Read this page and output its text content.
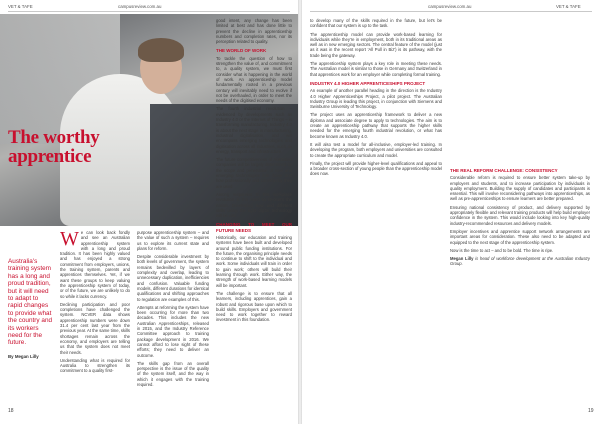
VET & TAFE	campusreview.com.au
The worthy
apprentice
Australia's training system has a long and proud tradition, but it will need to adapt to rapid changes to provide what the country and its workers need for the future.
By Megan Lilly

We can look back fondly and see an Australian apprenticeship system with a long and proud tradition. It has been highly valued and has enjoyed a strong commitment from employers, unions, the training system, parents and apprentices themselves. Yet, if we want these groups to keep valuing the apprenticeship system of today, or of the future, we are unlikely to do so while it lacks currency.

Declining participation and poor completions have challenged the system. NCVER data shows apprenticeship numbers were down 31.4 per cent last year from the previous year. At the same time, skills shortages remain across the economy, and employers are telling us that the system does not meet their needs.

Understanding what is required for Australia to strengthen its commitment to a quality first-

purpose apprenticeship system – and the value of such a system – requires us to explore its current state and plans for reform.

Despite considerable investment by both levels of government, the system remains bedevilled by layers of complexity and overlap, leading to unnecessary duplication, inefficiencies and confusion. Valuable funding models, different durations for identical qualifications and shifting approaches to regulation are examples of this.

Attempts at reforming the system have been occurring for more than two decades. This includes the new Australian Apprenticeships, released in 2015, and the Industry Reference Committee approach to training package development in 2016. We cannot afford to lose sight of these efforts; they need to deliver an outcome.

The skills gap from an overall perspective is the issue of the quality of the system itself, and the way in which it engages with the training required.

good intent, any change has been limited at best and has done little to prevent the decline in apprenticeship numbers and completion rates, nor its perception related to quality.

THE WORLD OF WORK

To tackle the question of how to strengthen the value of, and commitment to, a quality system, we must first consider what is happening in the world of work. An apprenticeship model fundamentally rooted in a previous century will inevitably need to evolve if not be overhauled, in order to meet the needs of the digitised economy.

The fourth industrial revolution – evidenced by developments such as Industry 4.0 or the Internet of Things – is transforming manufacturing. Industry 4.0 is about the next stage in manufacturing, industrial digitalisation, and will encompass emerging technologies and digitisation across all industries, such as energy, transport and infrastructure.

The future competitiveness of Australian companies will be largely determined by the scope and penetration of new and emerging technologies into these and how professionally and consistently they are used.

Among responses to this workplace revolution is the need to re-orient the nation. Developing new and different skills using the right digital technology will be vital.

CHANGING TO MEET OUR FUTURE NEEDS

Historically, our education and training systems have been built and developed around public funding institutions. For the future, the organising principle needs to continue to shift to the individual and work. Some individuals will train in order to gain work; others will build their learning through work. Either way, the strength of work-based learning models will be important.

The challenge is to ensure that all learners, including apprentices, gain a robust and rigorous base upon which to build skills. Employers and government need to work together to reward investment in this foundation.

18
campusreview.com.au	VET & TAFE

to develop many of the skills required in the future, but let's be confident that our system is up to the task.

The apprenticeship model can provide work-based learning for individuals while they're in employment, both in its traditional areas as well as in new emerging sectors. The central feature of the model (just as it was in the recent report 'All Pull in Biz') is its pathway, with the trade being the gateway.

The apprenticeship system plays a key role in meeting these needs. The Australian model is similar to those in Germany and Switzerland in that apprentices work for an employer while completing formal training.

INDUSTRY 4.0 HIGHER APPRENTICESHIPS PROJECT

An example of another parallel heading in the direction is the Industry 4.0 Higher Apprenticeships Project, a pilot project. The Australian Industry Group is leading this project, in conjunction with Siemens and Swinburne University of Technology.

The project uses an apprenticeship framework to deliver a new diploma and associate degree to apply to technologies. The aim is to create an apprenticeship pathway that supports the higher skills needed for the emerging fourth industrial revolution, or what has become known as Industry 4.0.

It will also test a model for all-inclusive, employer-led training. In developing the program, both employers and universities are consulted to create the appropriate curriculum and model.

Finally, the project will provide higher-level qualifications and appeal to a broader cross-section of young people than the apprenticeship model does now.

THE REAL REFORM CHALLENGE: CONSISTENCY

Considerable reform is required to ensure better system take-up by employers and students, and to increase participation by individuals in quality employment. Building the supply of candidates and participants is essential. This will involve reconsidering pathways into apprenticeships, as well as pre-apprenticeships to ensure learners are better prepared.

Ensuring national consistency of product, and delivery supported by appropriately flexible and relevant training products will help build employer confidence in the system. This would include looking into key high-quality industry-recommended resources and delivery models.

Employer incentives and apprentice support network arrangements are important areas for consideration. These also need to be adapted and equipped to the next stage of the apprenticeship system.

Now is the time to act – and to be bold. The time is ripe.

Megan Lilly is head of workforce development at the Australian Industry Group.

19
